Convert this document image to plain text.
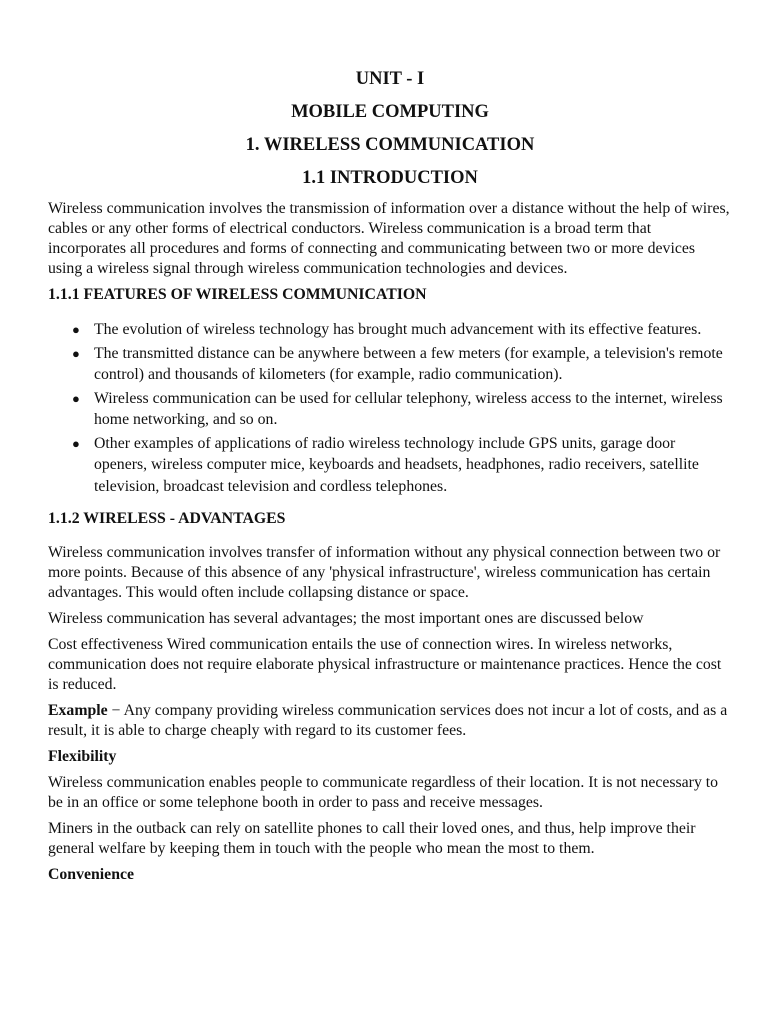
UNIT - I
MOBILE COMPUTING
1. WIRELESS COMMUNICATION
1.1 INTRODUCTION

Wireless communication involves the transmission of information over a distance without the help of wires, cables or any other forms of electrical conductors. Wireless communication is a broad term that incorporates all procedures and forms of connecting and communicating between two or more devices using a wireless signal through wireless communication technologies and devices.

1.1.1 FEATURES OF WIRELESS COMMUNICATION
● The evolution of wireless technology has brought much advancement with its effective features.
● The transmitted distance can be anywhere between a few meters (for example, a television's remote control) and thousands of kilometers (for example, radio communication).
● Wireless communication can be used for cellular telephony, wireless access to the internet, wireless home networking, and so on.
● Other examples of applications of radio wireless technology include GPS units, garage door openers, wireless computer mice, keyboards and headsets, headphones, radio receivers, satellite television, broadcast television and cordless telephones.
1.1.2 WIRELESS - ADVANTAGES

Wireless communication involves transfer of information without any physical connection between two or more points. Because of this absence of any 'physical infrastructure', wireless communication has certain advantages. This would often include collapsing distance or space.

Wireless communication has several advantages; the most important ones are discussed below

Cost effectiveness Wired communication entails the use of connection wires. In wireless networks, communication does not require elaborate physical infrastructure or maintenance practices. Hence the cost is reduced.

Example − Any company providing wireless communication services does not incur a lot of costs, and as a result, it is able to charge cheaply with regard to its customer fees.

Flexibility

Wireless communication enables people to communicate regardless of their location. It is not necessary to be in an office or some telephone booth in order to pass and receive messages.

Miners in the outback can rely on satellite phones to call their loved ones, and thus, help improve their general welfare by keeping them in touch with the people who mean the most to them.

Convenience
